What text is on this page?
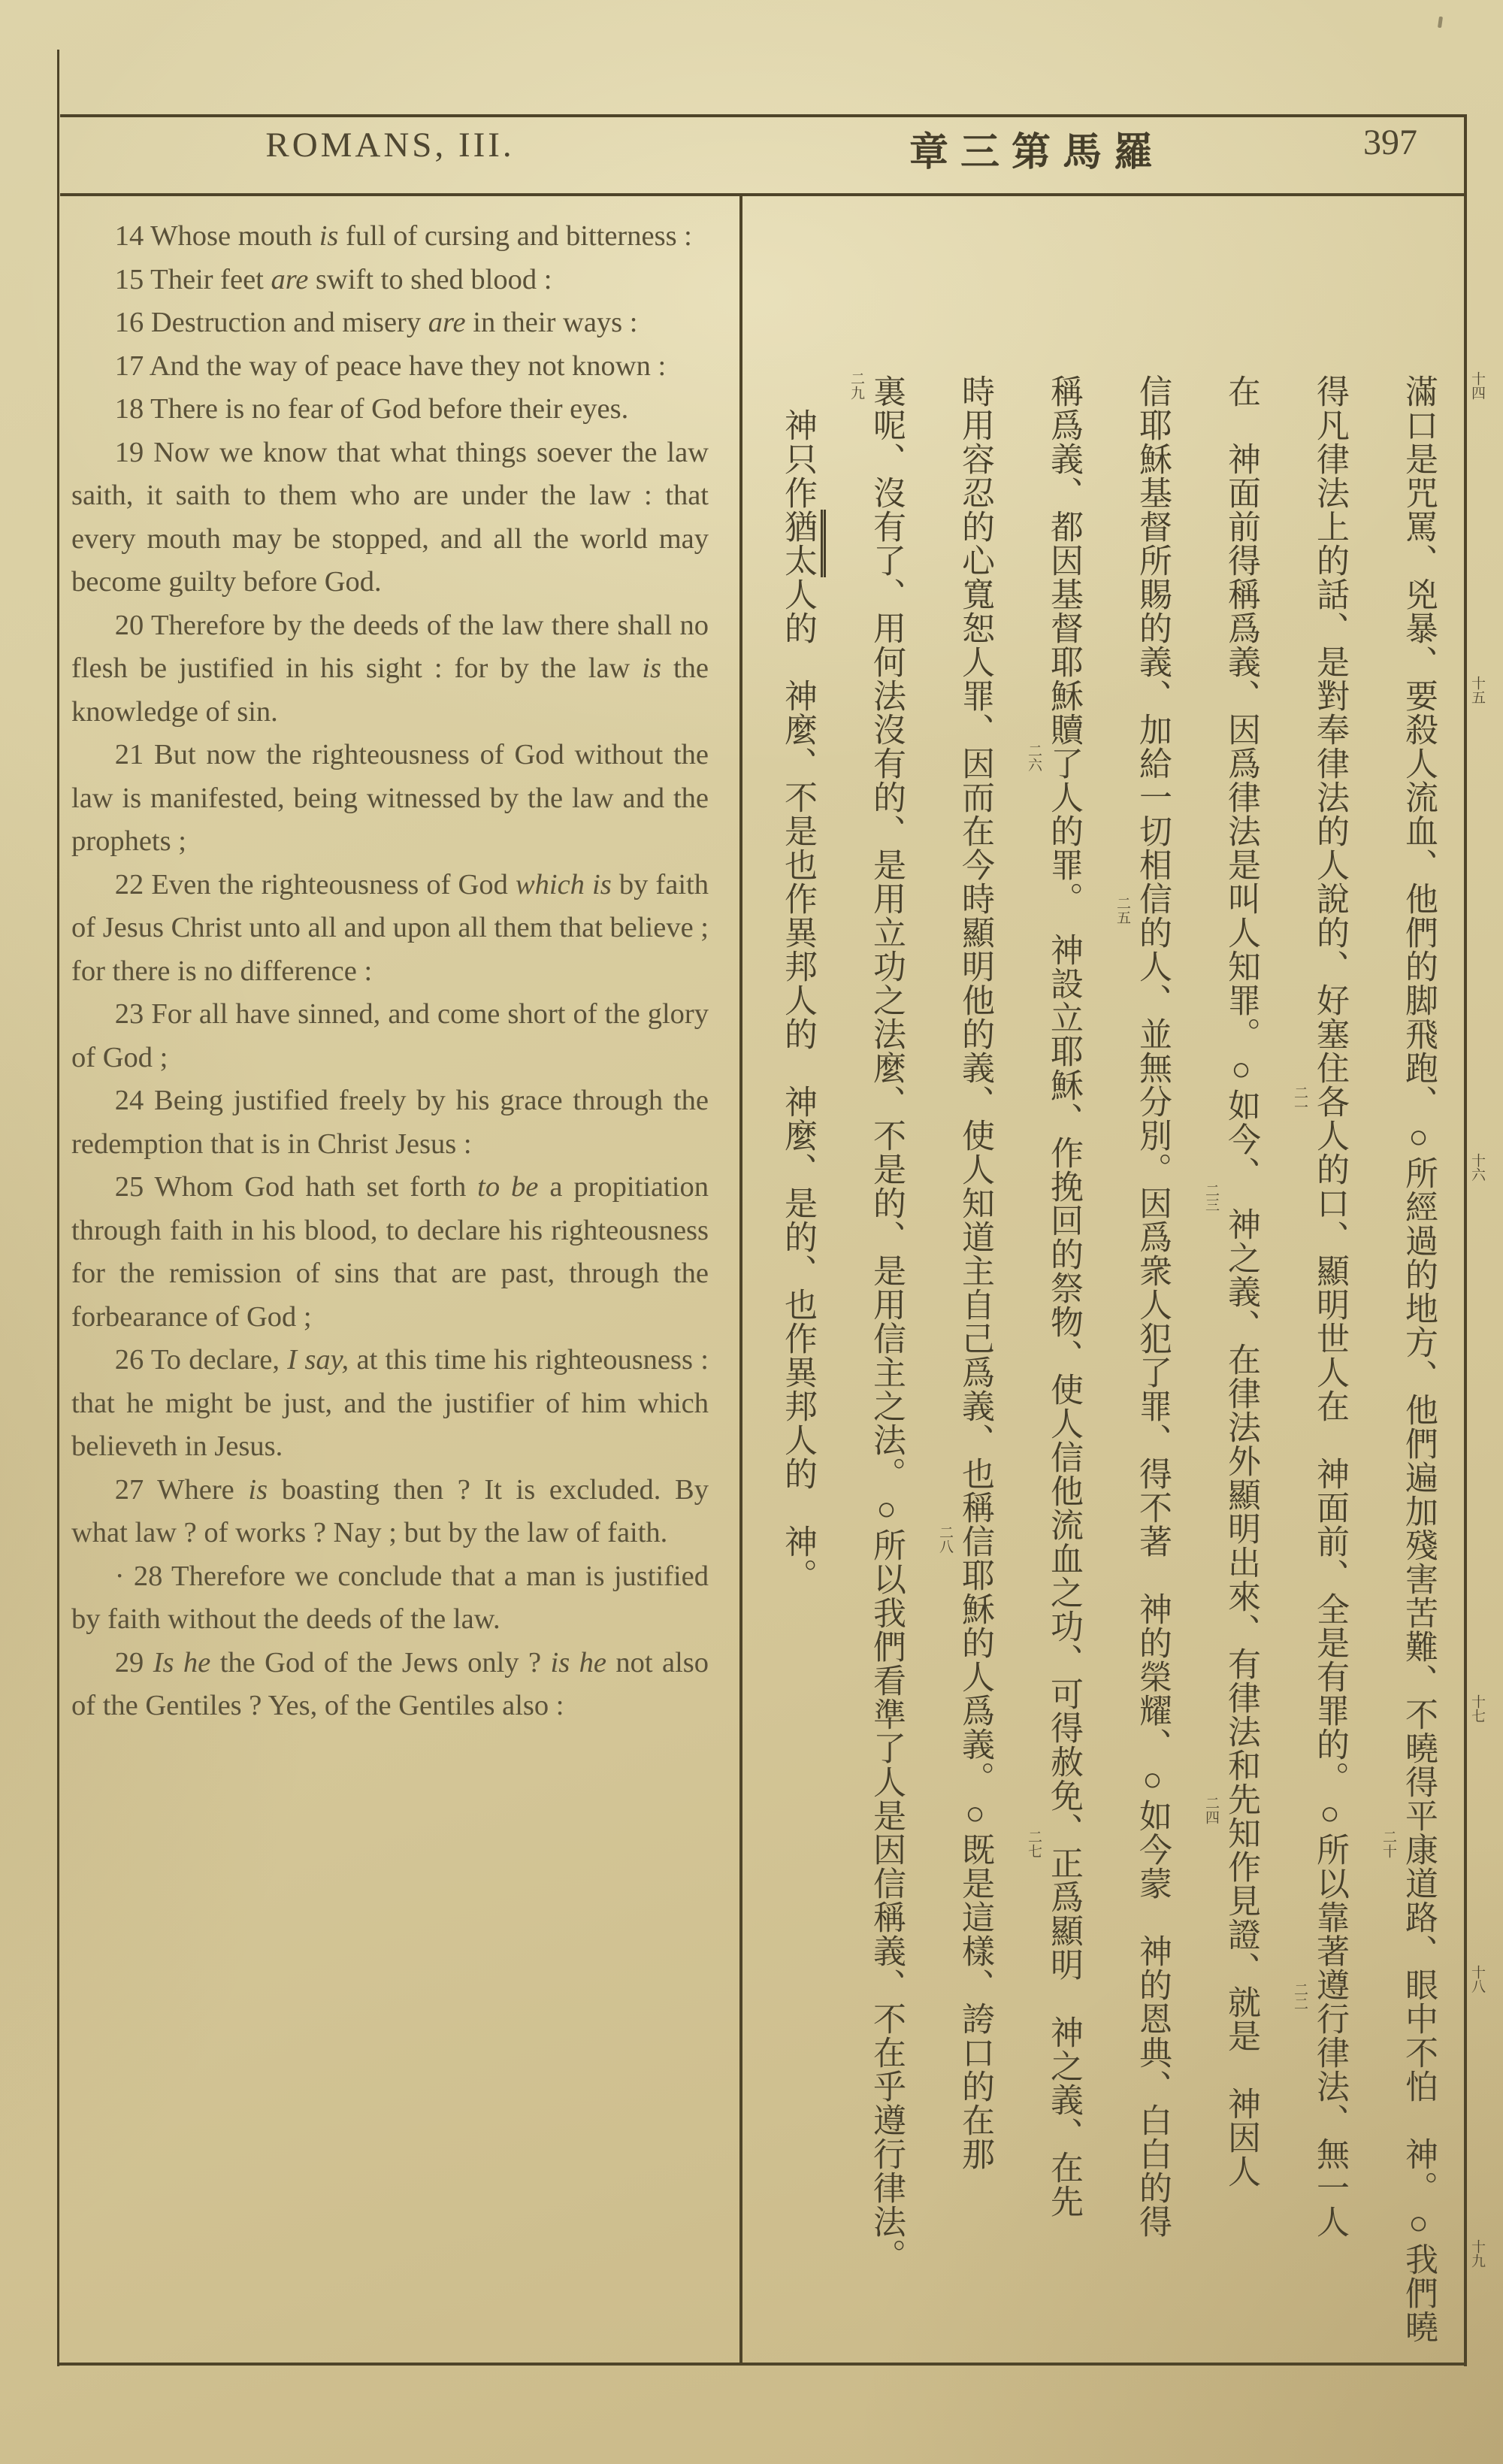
ROMANS, III.	章三第馬羅	397

14 Whose mouth is full of cursing and bitterness :

15 Their feet are swift to shed blood :

16 Destruction and misery are in their ways :

17 And the way of peace have they not known :

18 There is no fear of God before their eyes.

19 Now we know that what things soever the law saith, it saith to them who are under the law : that every mouth may be stopped, and all the world may become guilty before God.

20 Therefore by the deeds of the law there shall no flesh be justified in his sight : for by the law is the knowledge of sin.

21 But now the righteousness of God without the law is manifested, being witnessed by the law and the prophets ;

22 Even the righteousness of God which is by faith of Jesus Christ unto all and upon all them that believe ; for there is no difference :

23 For all have sinned, and come short of the glory of God ;

24 Being justified freely by his grace through the redemption that is in Christ Jesus :

25 Whom God hath set forth to be a propitiation through faith in his blood, to declare his righteousness for the remission of sins that are past, through the forbearance of God ;

26 To declare, I say, at this time his righteousness : that he might be just, and the justifier of him which believeth in Jesus.

27 Where is boasting then ? It is excluded. By what law ? of works ? Nay ; but by the law of faith.

· 28 Therefore we conclude that a man is justified by faith without the deeds of the law.

29 Is he the God of the Jews only ? is he not also of the Gentiles ? Yes, of the Gentiles also :

十四
滿口是咒罵、兇暴、
十五
要殺人流血、他們的脚飛跑、○
十六
所經過的地方、他們遍加殘害苦難、
十七
不曉得平康道路、
十八
眼中不怕　神。○
十九
我們曉
得凡律法上的話、是對奉律法的人說的、好塞住各人的口、顯明世人在　神面前、全是有罪的。○
二十
所以靠著遵行律法、無一人
在　神面前得稱爲義、因爲律法是叫人知罪。○
二一
如今、　神之義、在律法外顯明出來、有律法和先知作見證、
二二
就是　神因人
信耶穌基督所賜的義、加給一切相信的人、並無分別。
二三
因爲衆人犯了罪、得不著　神的榮耀、○
二四
如今蒙　神的恩典、白白的得
稱爲義、都因基督耶穌贖了人的罪。
二五
　神設立耶穌、作挽回的祭物、使人信他流血之功、可得赦免、正爲顯明　神之義、在先
時用容忍的心寬恕人罪、
二六
因而在今時顯明他的義、使人知道主自己爲義、也稱信耶穌的人爲義。○
二七
既是這樣、誇口的在那
裏呢、沒有了、用何法沒有的、是用立功之法麼、不是的、是用信主之法。○
二八
所以我們看準了人是因信稱義、不在乎遵行律法。
二九
　神只作猶太人的　神麼、不是也作異邦人的　神麼、是的、也作異邦人的　神。
